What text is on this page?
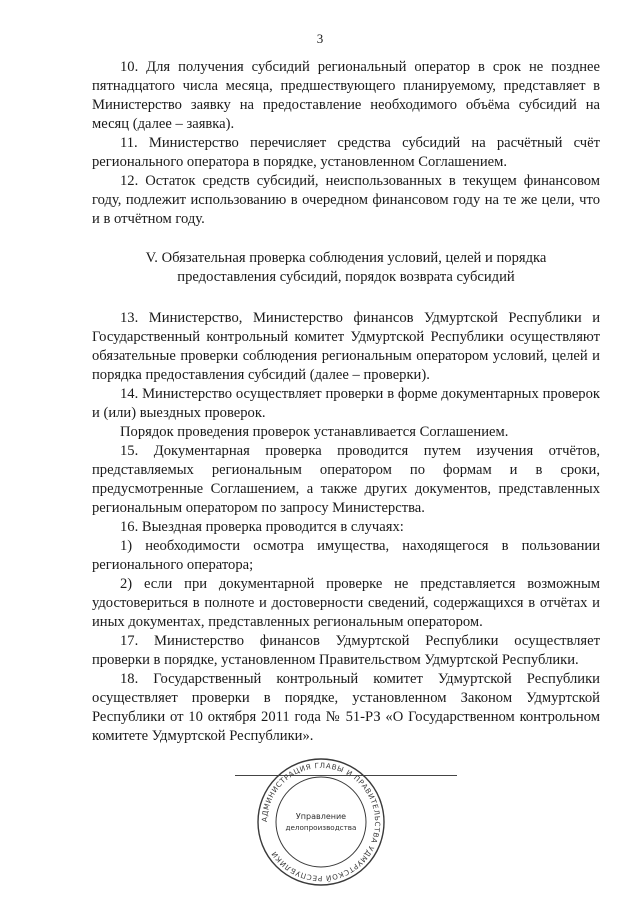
3

10. Для получения субсидий региональный оператор в срок не позднее пятнадцатого числа месяца, предшествующего планируемому, представляет в Министерство заявку на предоставление необходимого объёма субсидий на месяц (далее – заявка).

11. Министерство перечисляет средства субсидий на расчётный счёт регионального оператора в порядке, установленном Соглашением.

12. Остаток средств субсидий, неиспользованных в текущем финансовом году, подлежит использованию в очередном финансовом году на те же цели, что и в отчётном году.

V. Обязательная проверка соблюдения условий, целей и порядка предоставления субсидий, порядок возврата субсидий

13. Министерство, Министерство финансов Удмуртской Республики и Государственный контрольный комитет Удмуртской Республики осуществляют обязательные проверки соблюдения региональным оператором условий, целей и порядка предоставления субсидий (далее – проверки).

14. Министерство осуществляет проверки в форме документарных проверок и (или) выездных проверок.

Порядок проведения проверок устанавливается Соглашением.

15. Документарная проверка проводится путем изучения отчётов, представляемых региональным оператором по формам и в сроки, предусмотренные Соглашением, а также других документов, представленных региональным оператором по запросу Министерства.

16. Выездная проверка проводится в случаях:

1) необходимости осмотра имущества, находящегося в пользовании регионального оператора;

2) если при документарной проверке не представляется возможным удостовериться в полноте и достоверности сведений, содержащихся в отчётах и иных документах, представленных региональным оператором.

17. Министерство финансов Удмуртской Республики осуществляет проверки в порядке, установленном Правительством Удмуртской Республики.

18. Государственный контрольный комитет Удмуртской Республики осуществляет проверки в порядке, установленном Законом Удмуртской Республики от 10 октября 2011 года № 51-РЗ «О Государственном контрольном комитете Удмуртской Республики».

АДМИНИСТРАЦИЯ ГЛАВЫ И ПРАВИТЕЛЬСТВА УДМУРТСКОЙ РЕСПУБЛИКИ
Управление
делопроизводства
